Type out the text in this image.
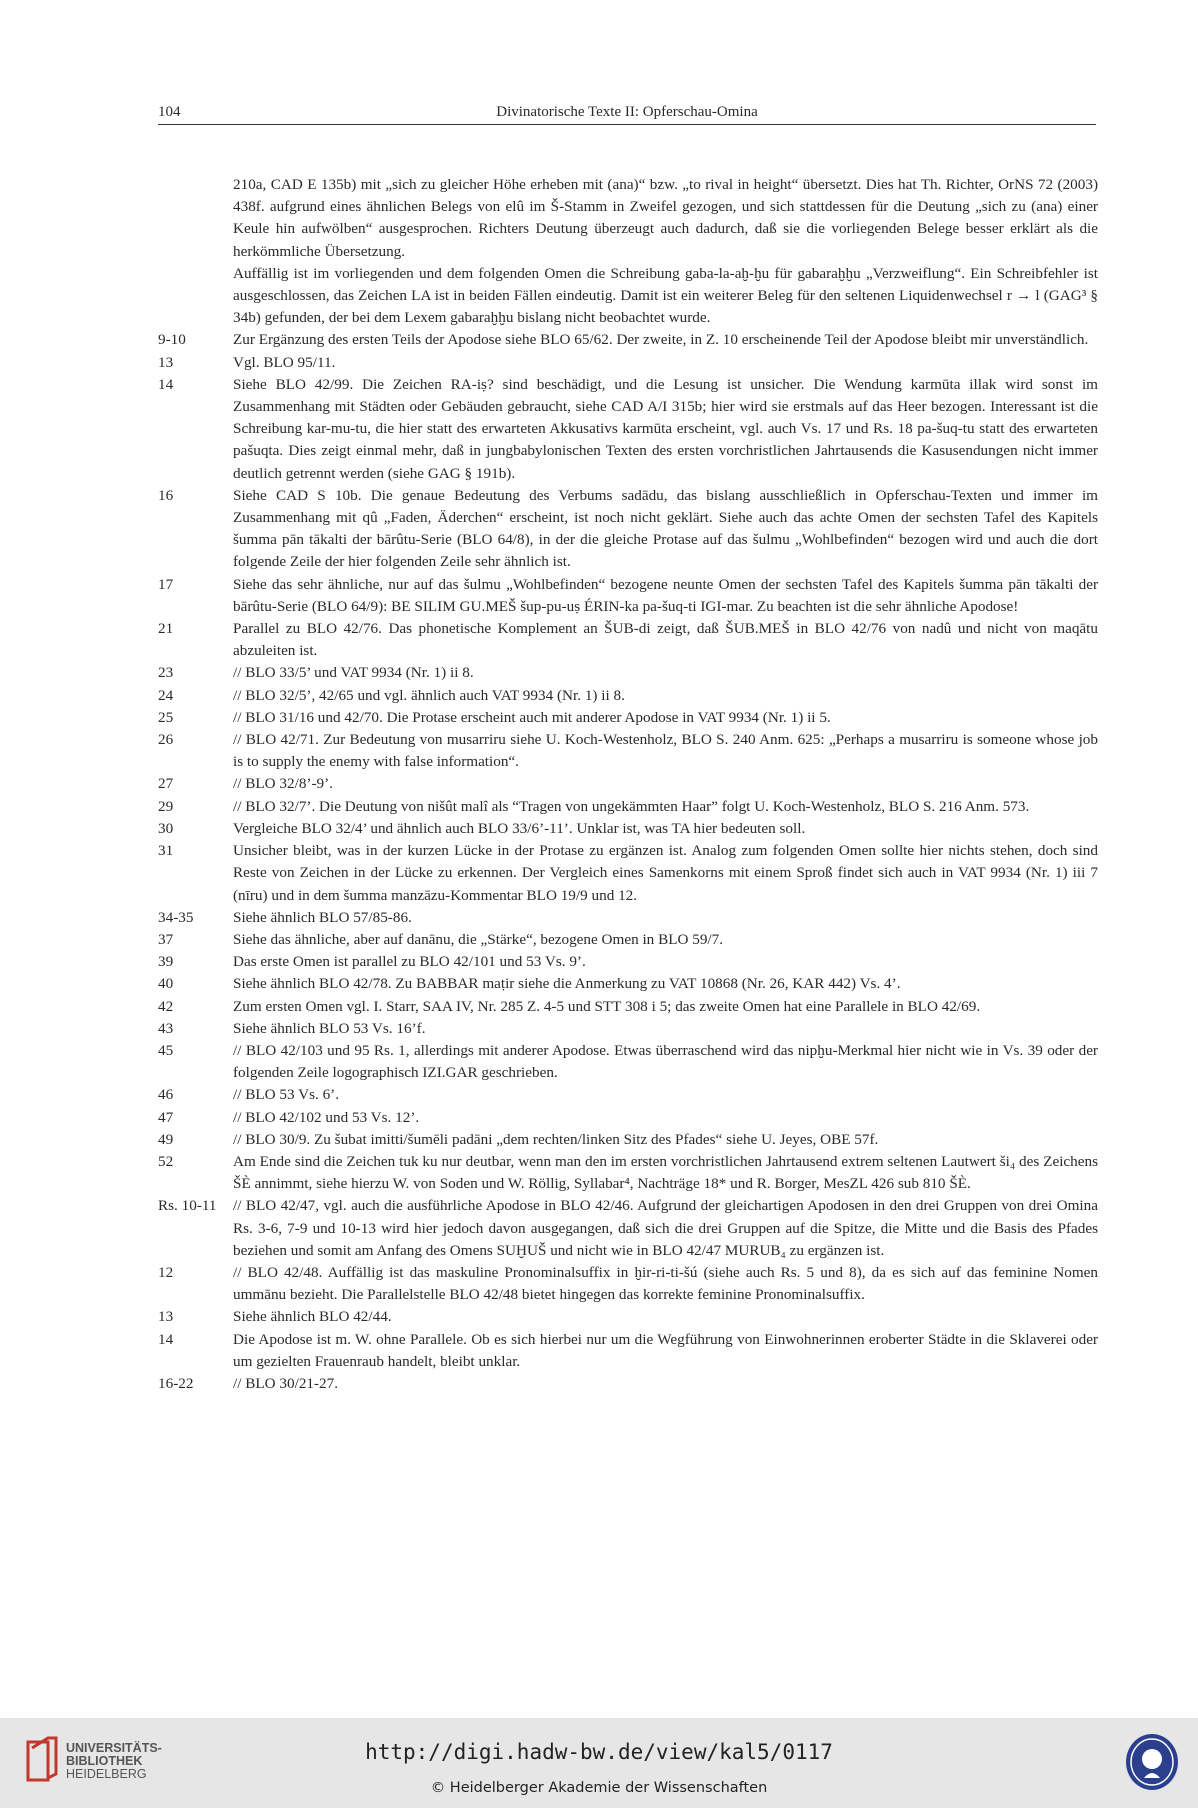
104	Divinatorische Texte II: Opferschau-Omina

210a, CAD E 135b) mit „sich zu gleicher Höhe erheben mit (ana)“ bzw. „to rival in height“ übersetzt. Dies hat Th. Richter, OrNS 72 (2003) 438f. aufgrund eines ähnlichen Belegs von elû im Š-Stamm in Zweifel gezogen, und sich stattdessen für die Deutung „sich zu (ana) einer Keule hin aufwölben“ ausgesprochen. Richters Deutung überzeugt auch dadurch, daß sie die vorliegenden Belege besser erklärt als die herkömmliche Übersetzung.

Auffällig ist im vorliegenden und dem folgenden Omen die Schreibung gaba-la-aḫ-ḫu für gabaraḫḫu „Verzweiflung“. Ein Schreibfehler ist ausgeschlossen, das Zeichen LA ist in beiden Fällen eindeutig. Damit ist ein weiterer Beleg für den seltenen Liquidenwechsel r → l (GAG³ § 34b) gefunden, der bei dem Lexem gabaraḫḫu bislang nicht beobachtet wurde.

9-10	Zur Ergänzung des ersten Teils der Apodose siehe BLO 65/62. Der zweite, in Z. 10 erscheinende Teil der Apodose bleibt mir unverständlich.
13	Vgl. BLO 95/11.
14	Siehe BLO 42/99. Die Zeichen RA-iṣ? sind beschädigt, und die Lesung ist unsicher. Die Wendung karmūta illak wird sonst im Zusammenhang mit Städten oder Gebäuden gebraucht, siehe CAD A/I 315b; hier wird sie erstmals auf das Heer bezogen. Interessant ist die Schreibung kar-mu-tu, die hier statt des erwarteten Akkusativs karmūta erscheint, vgl. auch Vs. 17 und Rs. 18 pa-šuq-tu statt des erwarteten pašuqta. Dies zeigt einmal mehr, daß in jungbabylonischen Texten des ersten vorchristlichen Jahrtausends die Kasusendungen nicht immer deutlich getrennt werden (siehe GAG § 191b).
16	Siehe CAD S 10b. Die genaue Bedeutung des Verbums sadādu, das bislang ausschließlich in Opferschau-Texten und immer im Zusammenhang mit qû „Faden, Äderchen“ erscheint, ist noch nicht geklärt. Siehe auch das achte Omen der sechsten Tafel des Kapitels šumma pān tākalti der bārûtu-Serie (BLO 64/8), in der die gleiche Protase auf das šulmu „Wohlbefinden“ bezogen wird und auch die dort folgende Zeile der hier folgenden Zeile sehr ähnlich ist.
17	Siehe das sehr ähnliche, nur auf das šulmu „Wohlbefinden“ bezogene neunte Omen der sechsten Tafel des Kapitels šumma pān tākalti der bārûtu-Serie (BLO 64/9): BE SILIM GU.MEŠ šup-pu-uṣ ÉRIN-ka pa-šuq-ti IGI-mar. Zu beachten ist die sehr ähnliche Apodose!
21	Parallel zu BLO 42/76. Das phonetische Komplement an ŠUB-di zeigt, daß ŠUB.MEŠ in BLO 42/76 von nadû und nicht von maqātu abzuleiten ist.
23	// BLO 33/5’ und VAT 9934 (Nr. 1) ii 8.
24	// BLO 32/5’, 42/65 und vgl. ähnlich auch VAT 9934 (Nr. 1) ii 8.
25	// BLO 31/16 und 42/70. Die Protase erscheint auch mit anderer Apodose in VAT 9934 (Nr. 1) ii 5.
26	// BLO 42/71. Zur Bedeutung von musarriru siehe U. Koch-Westenholz, BLO S. 240 Anm. 625: „Perhaps a musarriru is someone whose job is to supply the enemy with false information“.
27	// BLO 32/8’-9’.
29	// BLO 32/7’. Die Deutung von nišût malî als “Tragen von ungekämmten Haar” folgt U. Koch-Westenholz, BLO S. 216 Anm. 573.
30	Vergleiche BLO 32/4’ und ähnlich auch BLO 33/6’-11’. Unklar ist, was TA hier bedeuten soll.
31	Unsicher bleibt, was in der kurzen Lücke in der Protase zu ergänzen ist. Analog zum folgenden Omen sollte hier nichts stehen, doch sind Reste von Zeichen in der Lücke zu erkennen. Der Vergleich eines Samenkorns mit einem Sproß findet sich auch in VAT 9934 (Nr. 1) iii 7 (nīru) und in dem šumma manzāzu-Kommentar BLO 19/9 und 12.
34-35	Siehe ähnlich BLO 57/85-86.
37	Siehe das ähnliche, aber auf danānu, die „Stärke“, bezogene Omen in BLO 59/7.
39	Das erste Omen ist parallel zu BLO 42/101 und 53 Vs. 9’.
40	Siehe ähnlich BLO 42/78. Zu BABBAR maṭir siehe die Anmerkung zu VAT 10868 (Nr. 26, KAR 442) Vs. 4’.
42	Zum ersten Omen vgl. I. Starr, SAA IV, Nr. 285 Z. 4-5 und STT 308 i 5; das zweite Omen hat eine Parallele in BLO 42/69.
43	Siehe ähnlich BLO 53 Vs. 16’f.
45	// BLO 42/103 und 95 Rs. 1, allerdings mit anderer Apodose. Etwas überraschend wird das nipḫu-Merkmal hier nicht wie in Vs. 39 oder der folgenden Zeile logographisch IZI.GAR geschrieben.
46	// BLO 53 Vs. 6’.
47	// BLO 42/102 und 53 Vs. 12’.
49	// BLO 30/9. Zu šubat imitti/šumēli padāni „dem rechten/linken Sitz des Pfades“ siehe U. Jeyes, OBE 57f.
52	Am Ende sind die Zeichen tuk ku nur deutbar, wenn man den im ersten vorchristlichen Jahrtausend extrem seltenen Lautwert ši₄ des Zeichens ŠÈ annimmt, siehe hierzu W. von Soden und W. Röllig, Syllabar⁴, Nachträge 18* und R. Borger, MesZL 426 sub 810 ŠÈ.
Rs. 10-11	// BLO 42/47, vgl. auch die ausführliche Apodose in BLO 42/46. Aufgrund der gleichartigen Apodosen in den drei Gruppen von drei Omina Rs. 3-6, 7-9 und 10-13 wird hier jedoch davon ausgegangen, daß sich die drei Gruppen auf die Spitze, die Mitte und die Basis des Pfades beziehen und somit am Anfang des Omens SUḪUŠ und nicht wie in BLO 42/47 MURUB₄ zu ergänzen ist.
12	// BLO 42/48. Auffällig ist das maskuline Pronominalsuffix in ḫir-ri-ti-šú (siehe auch Rs. 5 und 8), da es sich auf das feminine Nomen ummānu bezieht. Die Parallelstelle BLO 42/48 bietet hingegen das korrekte feminine Pronominalsuffix.
13	Siehe ähnlich BLO 42/44.
14	Die Apodose ist m. W. ohne Parallele. Ob es sich hierbei nur um die Wegführung von Einwohnerinnen eroberter Städte in die Sklaverei oder um gezielten Frauenraub handelt, bleibt unklar.
16-22	// BLO 30/21-27.
UNIVERSITÄTS-
BIBLIOTHEK
HEIDELBERG
http://digi.hadw-bw.de/view/kal5/0117
© Heidelberger Akademie der Wissenschaften
